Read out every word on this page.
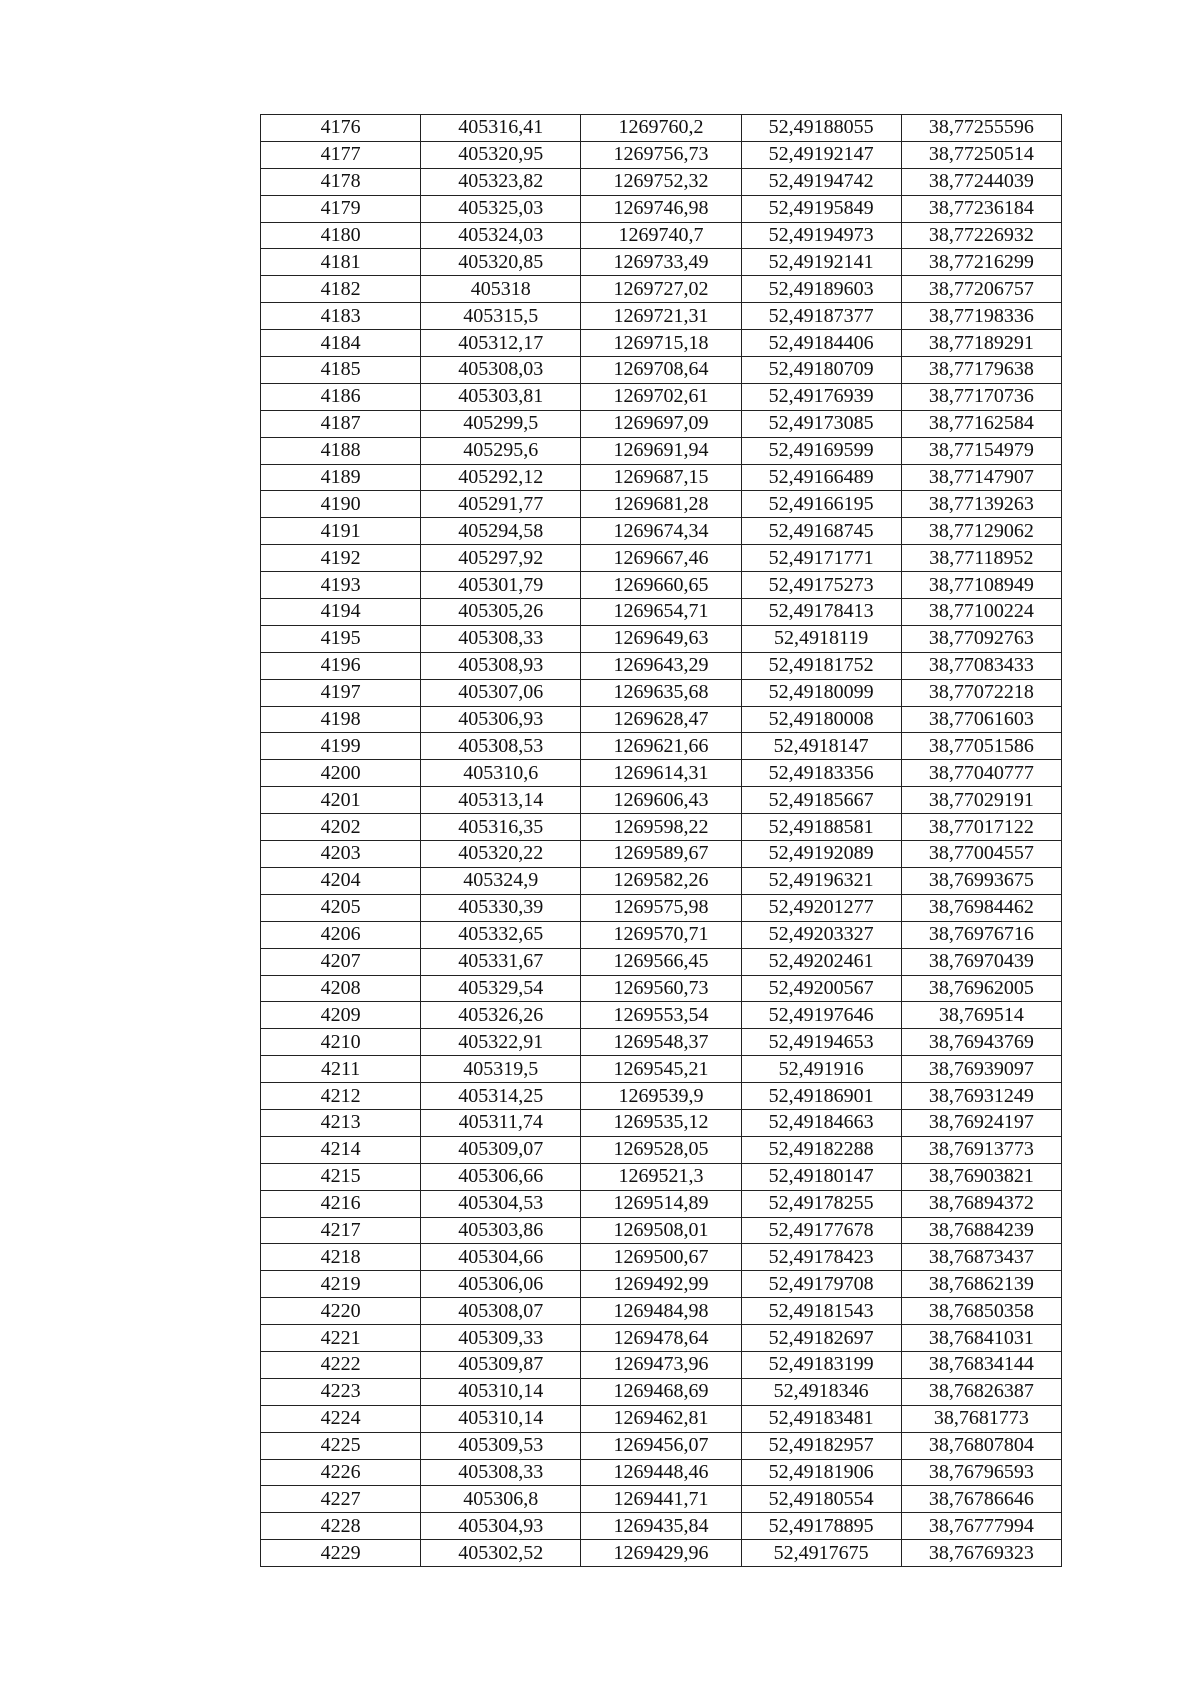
4176	405316,41	1269760,2	52,49188055	38,77255596
4177	405320,95	1269756,73	52,49192147	38,77250514
4178	405323,82	1269752,32	52,49194742	38,77244039
4179	405325,03	1269746,98	52,49195849	38,77236184
4180	405324,03	1269740,7	52,49194973	38,77226932
4181	405320,85	1269733,49	52,49192141	38,77216299
4182	405318	1269727,02	52,49189603	38,77206757
4183	405315,5	1269721,31	52,49187377	38,77198336
4184	405312,17	1269715,18	52,49184406	38,77189291
4185	405308,03	1269708,64	52,49180709	38,77179638
4186	405303,81	1269702,61	52,49176939	38,77170736
4187	405299,5	1269697,09	52,49173085	38,77162584
4188	405295,6	1269691,94	52,49169599	38,77154979
4189	405292,12	1269687,15	52,49166489	38,77147907
4190	405291,77	1269681,28	52,49166195	38,77139263
4191	405294,58	1269674,34	52,49168745	38,77129062
4192	405297,92	1269667,46	52,49171771	38,77118952
4193	405301,79	1269660,65	52,49175273	38,77108949
4194	405305,26	1269654,71	52,49178413	38,77100224
4195	405308,33	1269649,63	52,4918119	38,77092763
4196	405308,93	1269643,29	52,49181752	38,77083433
4197	405307,06	1269635,68	52,49180099	38,77072218
4198	405306,93	1269628,47	52,49180008	38,77061603
4199	405308,53	1269621,66	52,4918147	38,77051586
4200	405310,6	1269614,31	52,49183356	38,77040777
4201	405313,14	1269606,43	52,49185667	38,77029191
4202	405316,35	1269598,22	52,49188581	38,77017122
4203	405320,22	1269589,67	52,49192089	38,77004557
4204	405324,9	1269582,26	52,49196321	38,76993675
4205	405330,39	1269575,98	52,49201277	38,76984462
4206	405332,65	1269570,71	52,49203327	38,76976716
4207	405331,67	1269566,45	52,49202461	38,76970439
4208	405329,54	1269560,73	52,49200567	38,76962005
4209	405326,26	1269553,54	52,49197646	38,769514
4210	405322,91	1269548,37	52,49194653	38,76943769
4211	405319,5	1269545,21	52,491916	38,76939097
4212	405314,25	1269539,9	52,49186901	38,76931249
4213	405311,74	1269535,12	52,49184663	38,76924197
4214	405309,07	1269528,05	52,49182288	38,76913773
4215	405306,66	1269521,3	52,49180147	38,76903821
4216	405304,53	1269514,89	52,49178255	38,76894372
4217	405303,86	1269508,01	52,49177678	38,76884239
4218	405304,66	1269500,67	52,49178423	38,76873437
4219	405306,06	1269492,99	52,49179708	38,76862139
4220	405308,07	1269484,98	52,49181543	38,76850358
4221	405309,33	1269478,64	52,49182697	38,76841031
4222	405309,87	1269473,96	52,49183199	38,76834144
4223	405310,14	1269468,69	52,4918346	38,76826387
4224	405310,14	1269462,81	52,49183481	38,7681773
4225	405309,53	1269456,07	52,49182957	38,76807804
4226	405308,33	1269448,46	52,49181906	38,76796593
4227	405306,8	1269441,71	52,49180554	38,76786646
4228	405304,93	1269435,84	52,49178895	38,76777994
4229	405302,52	1269429,96	52,4917675	38,76769323
